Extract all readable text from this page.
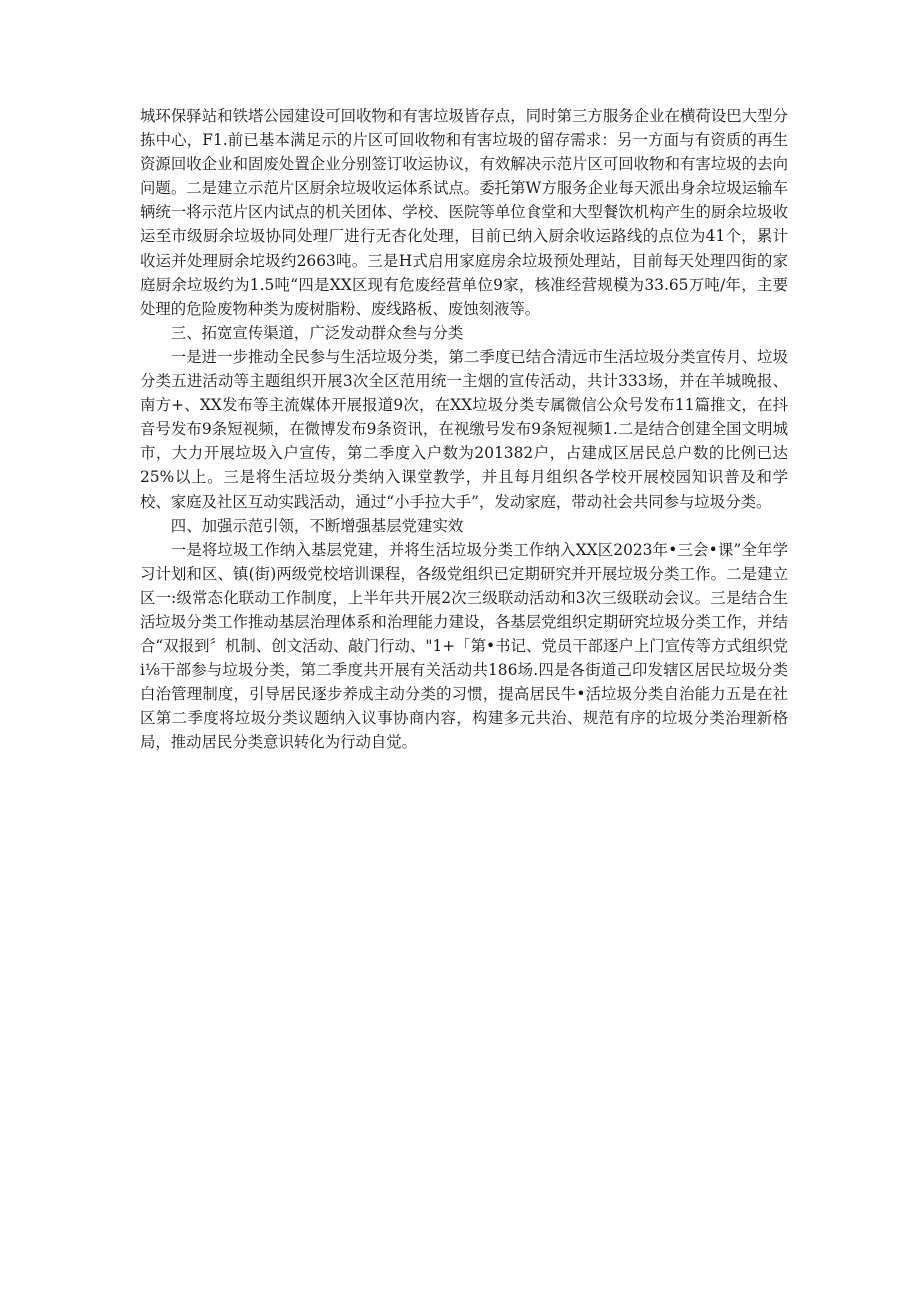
城环保驿站和铁塔公园建设可回收物和有害垃圾皆存点，同时第三方服务企业在横荷设巴大型分拣中心，F1.前已基本满足示的片区可回收物和有害垃圾的留存需求：另一方面与有资质的再生资源回收企业和固废处置企业分别签订收运协议，有效解决示范片区可回收物和有害垃圾的去向问题。二是建立示范片区厨余垃圾收运体系试点。委托第W方服务企业每天派出身余垃圾运输车辆统一将示范片区内试点的机关团体、学校、医院等单位食堂和大型餐饮机构产生的厨余垃圾收运至市级厨余垃圾协同处理厂进行无杏化处理，目前已纳入厨余收运路线的点位为41个，累计收运并处理厨余坨圾约2663吨。三是H式启用家庭房余垃圾预处理站，目前每天处理四街的家庭厨余垃圾约为1.5吨“四是XX区现有危废经营单位9家，核准经营规模为33.65万吨/年，主要处理的危险废物种类为废树脂粉、废线路板、废蚀刻液等。

三、拓宽宣传渠道，广泛发动群众叁与分类

一是进一步推动全民参与生活垃圾分类，第二季度已结合清远市生活垃圾分类宣传月、垃圾分类五进活动等主题组织开展3次全区范用统一主烟的宣传活动，共计333场，并在羊城晚报、南方+、XX发布等主流媒体开展报道9次，在XX垃圾分类专属微信公众号发布11篇推文，在抖音号发布9条短视频，在微博发布9条资讯，在视缴号发布9条短视频1.二是结合创建全国文明城市，大力开展垃圾入户宣传，第二季度入户数为201382户，占建成区居民总户数的比例已达25%以上。三是将生活垃圾分类纳入课堂教学，并且每月组织各学校开展校园知识普及和学校、家庭及社区互动实践活动，通过“小手拉大手”，发动家庭，带动社会共同参与垃圾分类。

四、加强示范引领，不断增强基层党建实效

一是将垃圾工作纳入基层党建，并将生活垃圾分类工作纳入XX区2023年•三会•课”全年学习计划和区、镇(街)两级党校培训课程，各级党组织已定期研究并开展垃圾分类工作。二是建立区一:级常态化联动工作制度，上半年共开展2次三级联动活动和3次三级联动会议。三是结合生活垃圾分类工作推动基层治理体系和治理能力建设，各基层党组织定期研究垃圾分类工作，并结合“双报到〞机制、创文活动、敲门行动、"1+「第•书记、党员干部逐户上门宣传等方式组织党i⅛干部参与垃圾分类，第二季度共开展有关活动共186场.四是各街道己印发辖区居民垃圾分类白治管理制度，引导居民逐步养成主动分类的习惯，提高居民牛•活垃圾分类自治能力五是在社区第二季度将垃圾分类议题纳入议事协商内容，构建多元共治、规范有序的垃圾分类治理新格局，推动居民分类意识转化为行动自觉。
